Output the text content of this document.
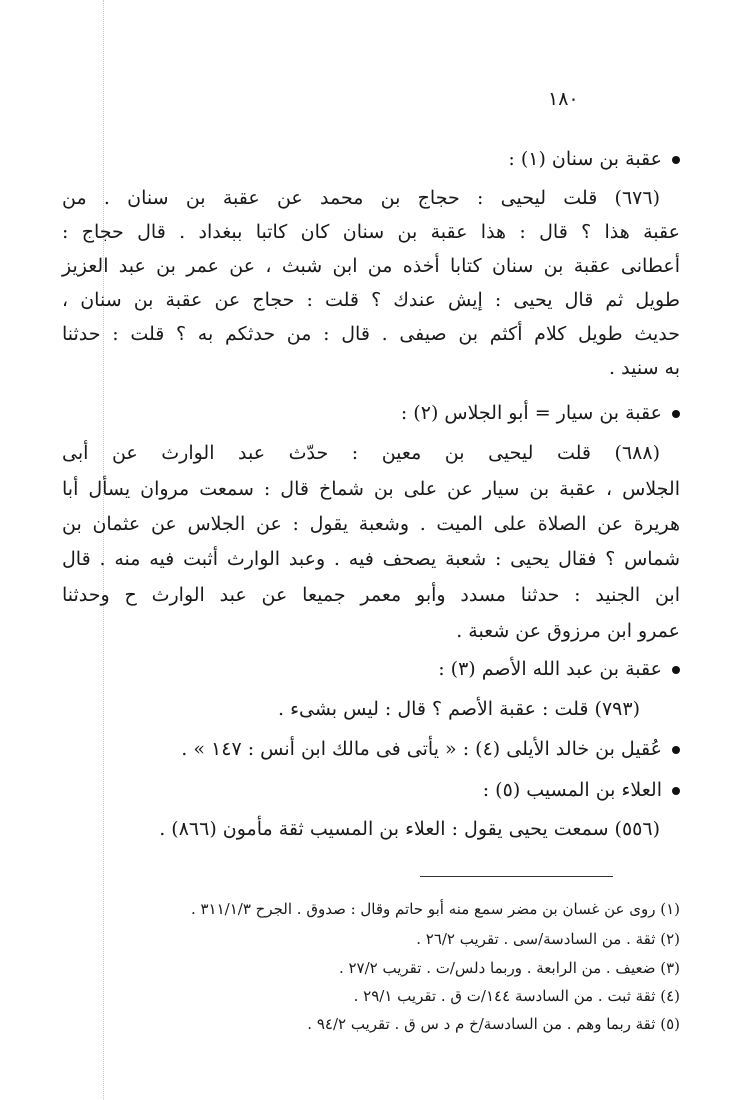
١٨٠
عقبة بن سنان (١) :
(٦٧٦) قلت ليحيى : حجاج بن محمد عن عقبة بن سنان . من
عقبة هذا ؟ قال : هذا عقبة بن سنان كان كاتبا ببغداد . قال حجاج :
أعطانى عقبة بن سنان كتابا أخذه من ابن شبث ، عن عمر بن عبد العزيز
طويل ثم قال يحيى : إيش عندك ؟ قلت : حجاج عن عقبة بن سنان ،
حديث طويل كلام أكثم بن صيفى . قال : من حدثكم به ؟ قلت : حدثنا
به سنيد .
عقبة بن سيار = أبو الجلاس (٢) :
(٦٨٨) قلت ليحيى بن معين : حدّث عبد الوارث عن أبى
الجلاس ، عقبة بن سيار عن على بن شماخ قال : سمعت مروان يسأل أبا
هريرة عن الصلاة على الميت . وشعبة يقول : عن الجلاس عن عثمان بن
شماس ؟ فقال يحيى : شعبة يصحف فيه . وعبد الوارث أثبت فيه منه . قال
ابن الجنيد : حدثنا مسدد وأبو معمر جميعا عن عبد الوارث ح وحدثنا
عمرو ابن مرزوق عن شعبة .
عقبة بن عبد الله الأصم (٣) :
(٧٩٣) قلت : عقبة الأصم ؟ قال : ليس بشىء .
عُقيل بن خالد الأيلى (٤) : « يأتى فى مالك ابن أنس : ١٤٧ » .
العلاء بن المسيب (٥) :
(٥٥٦) سمعت يحيى يقول : العلاء بن المسيب ثقة مأمون (٨٦٦) .
(١) روى عن غسان بن مضر سمع منه أبو حاتم وقال : صدوق . الجرح ٣١١/١/٣ .
(٢) ثقة . من السادسة/سى . تقريب ٢٦/٢ .
(٣) ضعيف . من الرابعة . وربما دلس/ت . تقريب ٢٧/٢ .
(٤) ثقة ثبت . من السادسة ١٤٤/ت ق . تقريب ٢٩/١ .
(٥) ثقة ربما وهم . من السادسة/خ م د س ق . تقريب ٩٤/٢ .
